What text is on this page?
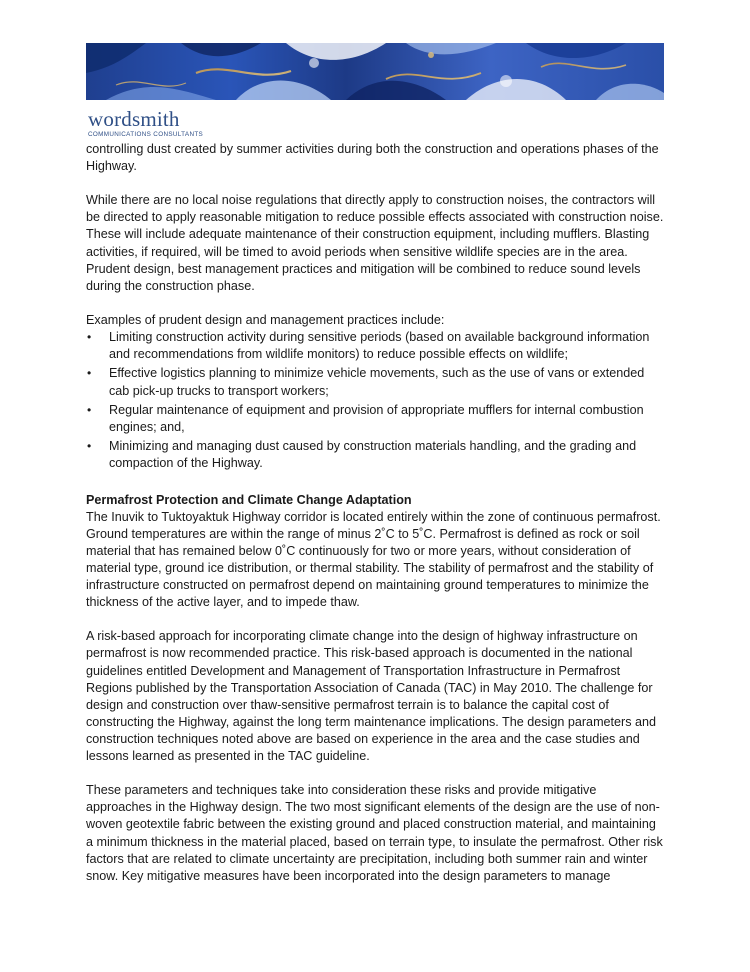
wordsmith
COMMUNICATIONS CONSULTANTS

controlling dust created by summer activities during both the construction and operations phases of the Highway.

While there are no local noise regulations that directly apply to construction noises, the contractors will be directed to apply reasonable mitigation to reduce possible effects associated with construction noise. These will include adequate maintenance of their construction equipment, including mufflers. Blasting activities, if required, will be timed to avoid periods when sensitive wildlife species are in the area. Prudent design, best management practices and mitigation will be combined to reduce sound levels during the construction phase.

Examples of prudent design and management practices include:

• Limiting construction activity during sensitive periods (based on available background information and recommendations from wildlife monitors) to reduce possible effects on wildlife;
• Effective logistics planning to minimize vehicle movements, such as the use of vans or extended cab pick-up trucks to transport workers;
• Regular maintenance of equipment and provision of appropriate mufflers for internal combustion engines; and,
• Minimizing and managing dust caused by construction materials handling, and the grading and compaction of the Highway.

Permafrost Protection and Climate Change Adaptation

The Inuvik to Tuktoyaktuk Highway corridor is located entirely within the zone of continuous permafrost. Ground temperatures are within the range of minus 2˚C to 5˚C. Permafrost is defined as rock or soil material that has remained below 0˚C continuously for two or more years, without consideration of material type, ground ice distribution, or thermal stability. The stability of permafrost and the stability of infrastructure constructed on permafrost depend on maintaining ground temperatures to minimize the thickness of the active layer, and to impede thaw.

A risk-based approach for incorporating climate change into the design of highway infrastructure on permafrost is now recommended practice. This risk-based approach is documented in the national guidelines entitled Development and Management of Transportation Infrastructure in Permafrost Regions published by the Transportation Association of Canada (TAC) in May 2010. The challenge for design and construction over thaw-sensitive permafrost terrain is to balance the capital cost of constructing the Highway, against the long term maintenance implications. The design parameters and construction techniques noted above are based on experience in the area and the case studies and lessons learned as presented in the TAC guideline.

These parameters and techniques take into consideration these risks and provide mitigative approaches in the Highway design. The two most significant elements of the design are the use of non-woven geotextile fabric between the existing ground and placed construction material, and maintaining a minimum thickness in the material placed, based on terrain type, to insulate the permafrost. Other risk factors that are related to climate uncertainty are precipitation, including both summer rain and winter snow. Key mitigative measures have been incorporated into the design parameters to manage
